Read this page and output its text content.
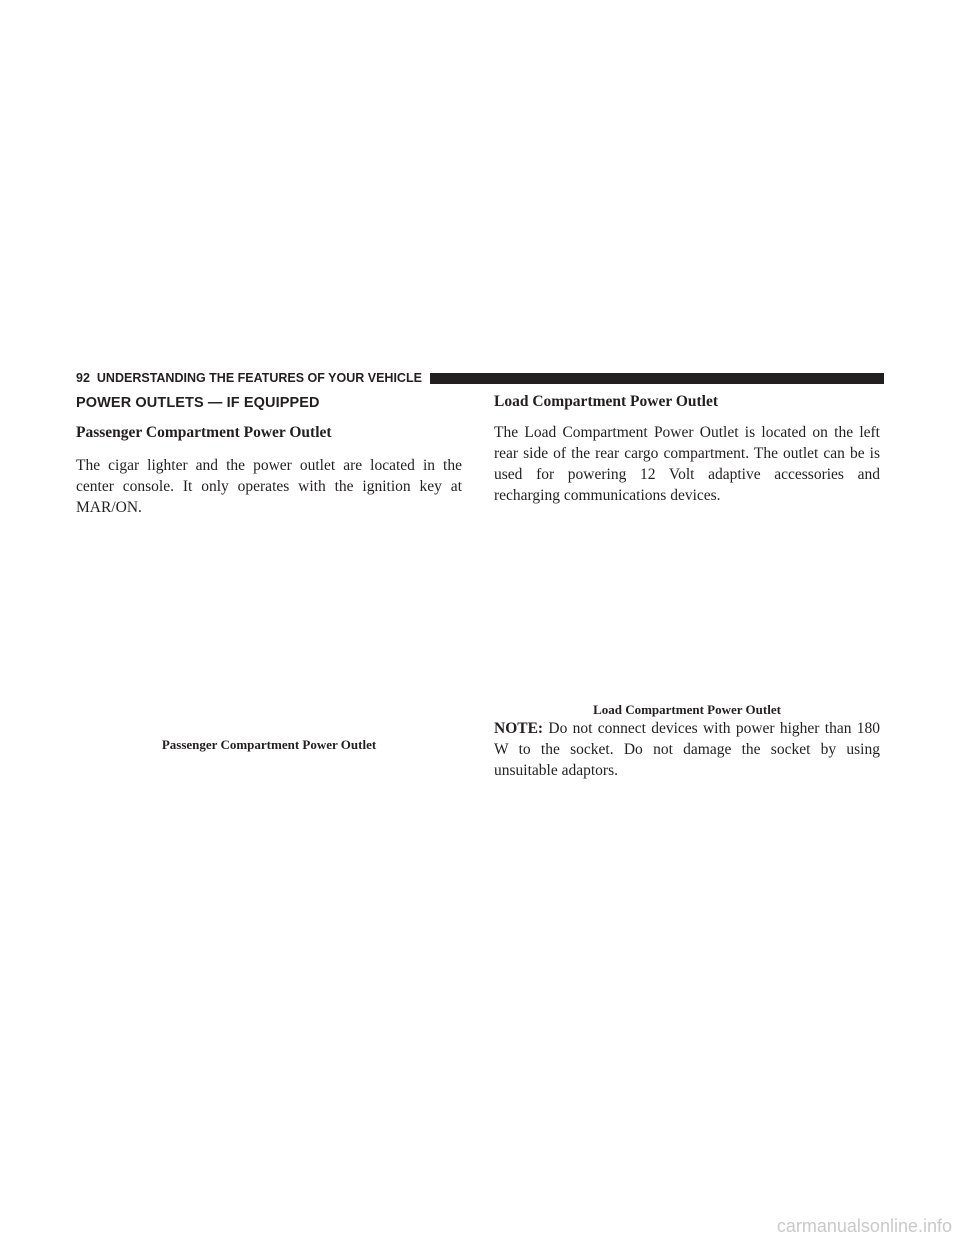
92 UNDERSTANDING THE FEATURES OF YOUR VEHICLE
POWER OUTLETS — IF EQUIPPED
Passenger Compartment Power Outlet

The cigar lighter and the power outlet are located in the center console. It only operates with the ignition key at MAR/ON.

Load Compartment Power Outlet

The Load Compartment Power Outlet is located on the left rear side of the rear cargo compartment. The outlet can be is used for powering 12 Volt adaptive accessories and recharging communications devices.

Passenger Compartment Power Outlet
Load Compartment Power Outlet

NOTE: Do not connect devices with power higher than 180 W to the socket. Do not damage the socket by using unsuitable adaptors.

carmanualsonline.info
